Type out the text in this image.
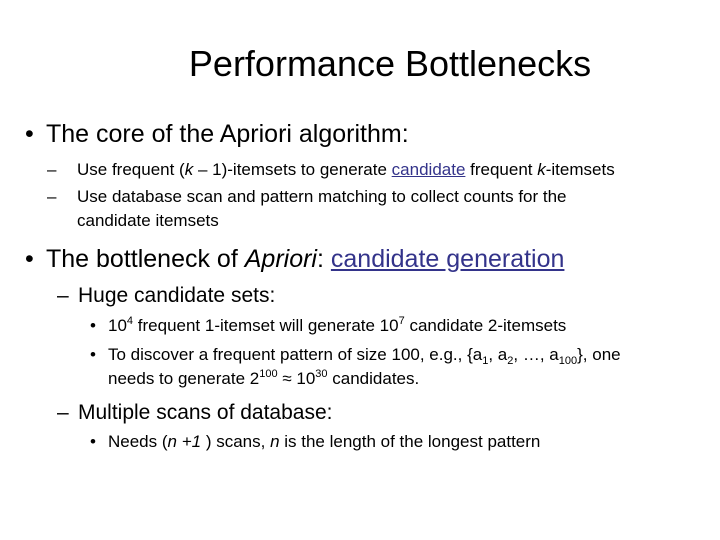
Performance Bottlenecks
• The core of the Apriori algorithm:
– Use frequent (k – 1)-itemsets to generate candidate frequent k-itemsets
– Use database scan and pattern matching to collect counts for the
candidate itemsets
• The bottleneck of Apriori: candidate generation
– Huge candidate sets:
• $10^4$ frequent 1-itemset will generate $10^7$ candidate 2-itemsets
• To discover a frequent pattern of size 100, e.g., {$a_1$, $a_2$, …, $a_{100}$}, one
needs to generate $2^{100} \approx 10^{30}$ candidates.
– Multiple scans of database:
• Needs (n +1 ) scans, n is the length of the longest pattern
